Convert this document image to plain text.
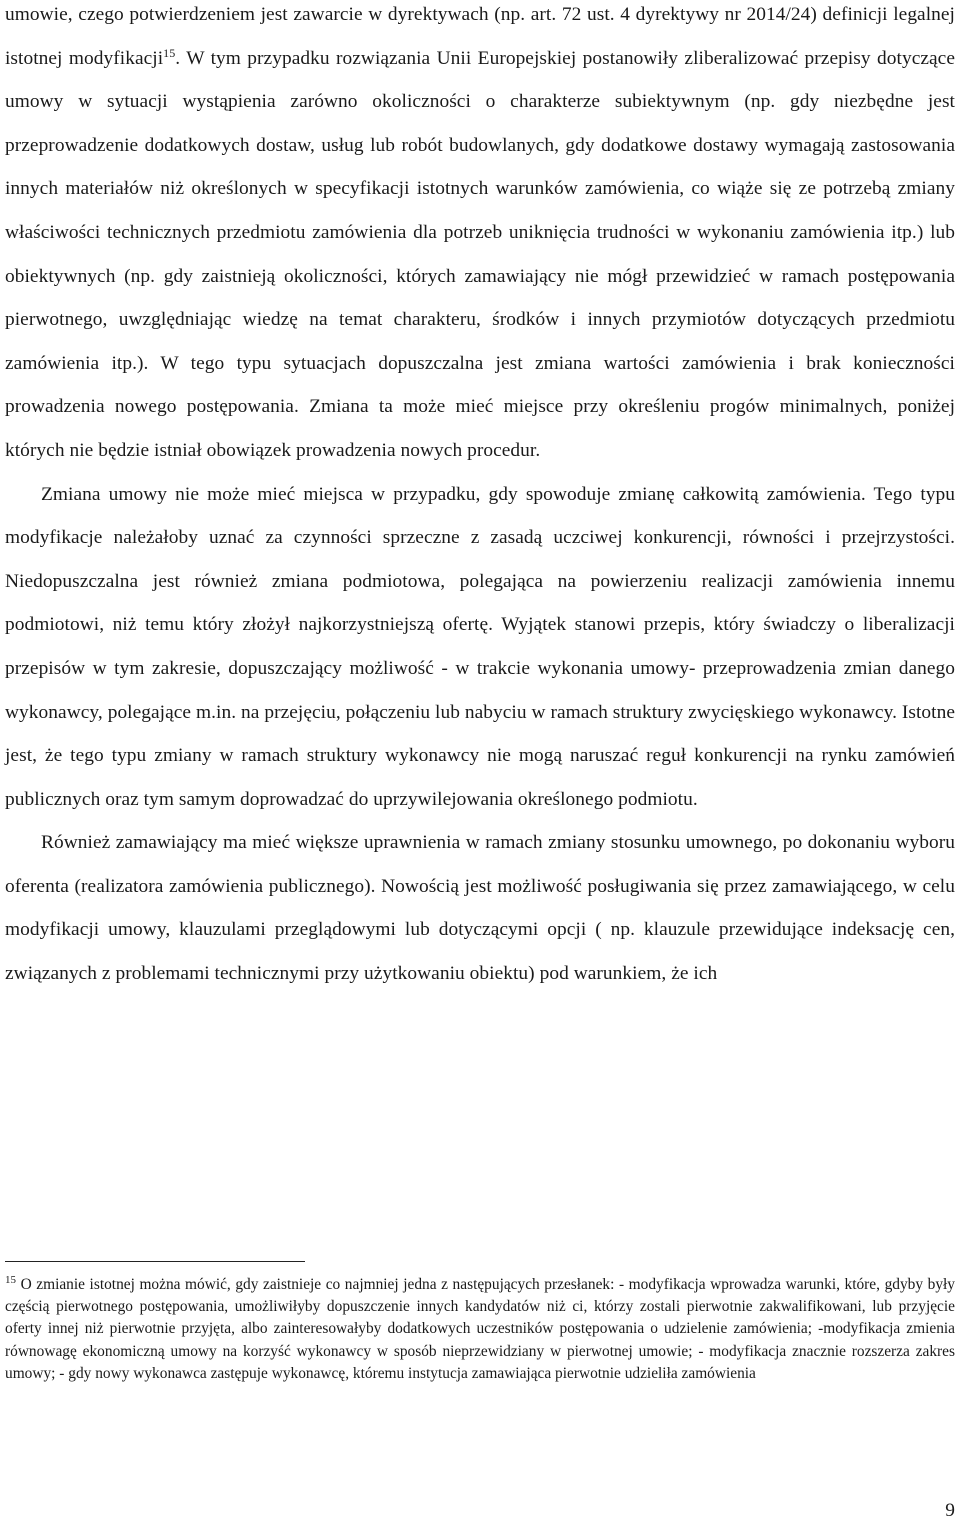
umowie, czego potwierdzeniem jest zawarcie w dyrektywach (np. art. 72 ust. 4 dyrektywy nr 2014/24) definicji legalnej istotnej modyfikacji$^{15}$. W tym przypadku rozwiązania Unii Europejskiej postanowiły zliberalizować przepisy dotyczące umowy w sytuacji wystąpienia zarówno okoliczności o charakterze subiektywnym (np. gdy niezbędne jest przeprowadzenie dodatkowych dostaw, usług lub robót budowlanych, gdy dodatkowe dostawy wymagają zastosowania innych materiałów niż określonych w specyfikacji istotnych warunków zamówienia, co wiąże się ze potrzebą zmiany właściwości technicznych przedmiotu zamówienia dla potrzeb uniknięcia trudności w wykonaniu zamówienia itp.) lub obiektywnych (np. gdy zaistnieją okoliczności, których zamawiający nie mógł przewidzieć w ramach postępowania pierwotnego, uwzględniając wiedzę na temat charakteru, środków i innych przymiotów dotyczących przedmiotu zamówienia itp.). W tego typu sytuacjach dopuszczalna jest zmiana wartości zamówienia i brak konieczności prowadzenia nowego postępowania. Zmiana ta może mieć miejsce przy określeniu progów minimalnych, poniżej których nie będzie istniał obowiązek prowadzenia nowych procedur.

Zmiana umowy nie może mieć miejsca w przypadku, gdy spowoduje zmianę całkowitą zamówienia. Tego typu modyfikacje należałoby uznać za czynności sprzeczne z zasadą uczciwej konkurencji, równości i przejrzystości. Niedopuszczalna jest również zmiana podmiotowa, polegająca na powierzeniu realizacji zamówienia innemu podmiotowi, niż temu który złożył najkorzystniejszą ofertę. Wyjątek stanowi przepis, który świadczy o liberalizacji przepisów w tym zakresie, dopuszczający możliwość - w trakcie wykonania umowy- przeprowadzenia zmian danego wykonawcy, polegające m.in. na przejęciu, połączeniu lub nabyciu w ramach struktury zwycięskiego wykonawcy. Istotne jest, że tego typu zmiany w ramach struktury wykonawcy nie mogą naruszać reguł konkurencji na rynku zamówień publicznych oraz tym samym doprowadzać do uprzywilejowania określonego podmiotu.

Również zamawiający ma mieć większe uprawnienia w ramach zmiany stosunku umownego, po dokonaniu wyboru oferenta (realizatora zamówienia publicznego). Nowością jest możliwość posługiwania się przez zamawiającego, w celu modyfikacji umowy, klauzulami przeglądowymi lub dotyczącymi opcji ( np. klauzule przewidujące indeksację cen, związanych z problemami technicznymi przy użytkowaniu obiektu) pod warunkiem, że ich

$^{15}$ O zmianie istotnej można mówić, gdy zaistnieje co najmniej jedna z następujących przesłanek: - modyfikacja wprowadza warunki, które, gdyby były częścią pierwotnego postępowania, umożliwiłyby dopuszczenie innych kandydatów niż ci, którzy zostali pierwotnie zakwalifikowani, lub przyjęcie oferty innej niż pierwotnie przyjęta, albo zainteresowałyby dodatkowych uczestników postępowania o udzielenie zamówienia; -modyfikacja zmienia równowagę ekonomiczną umowy na korzyść wykonawcy w sposób nieprzewidziany w pierwotnej umowie; - modyfikacja znacznie rozszerza zakres umowy; - gdy nowy wykonawca zastępuje wykonawcę, któremu instytucja zamawiająca pierwotnie udzieliła zamówienia

9
